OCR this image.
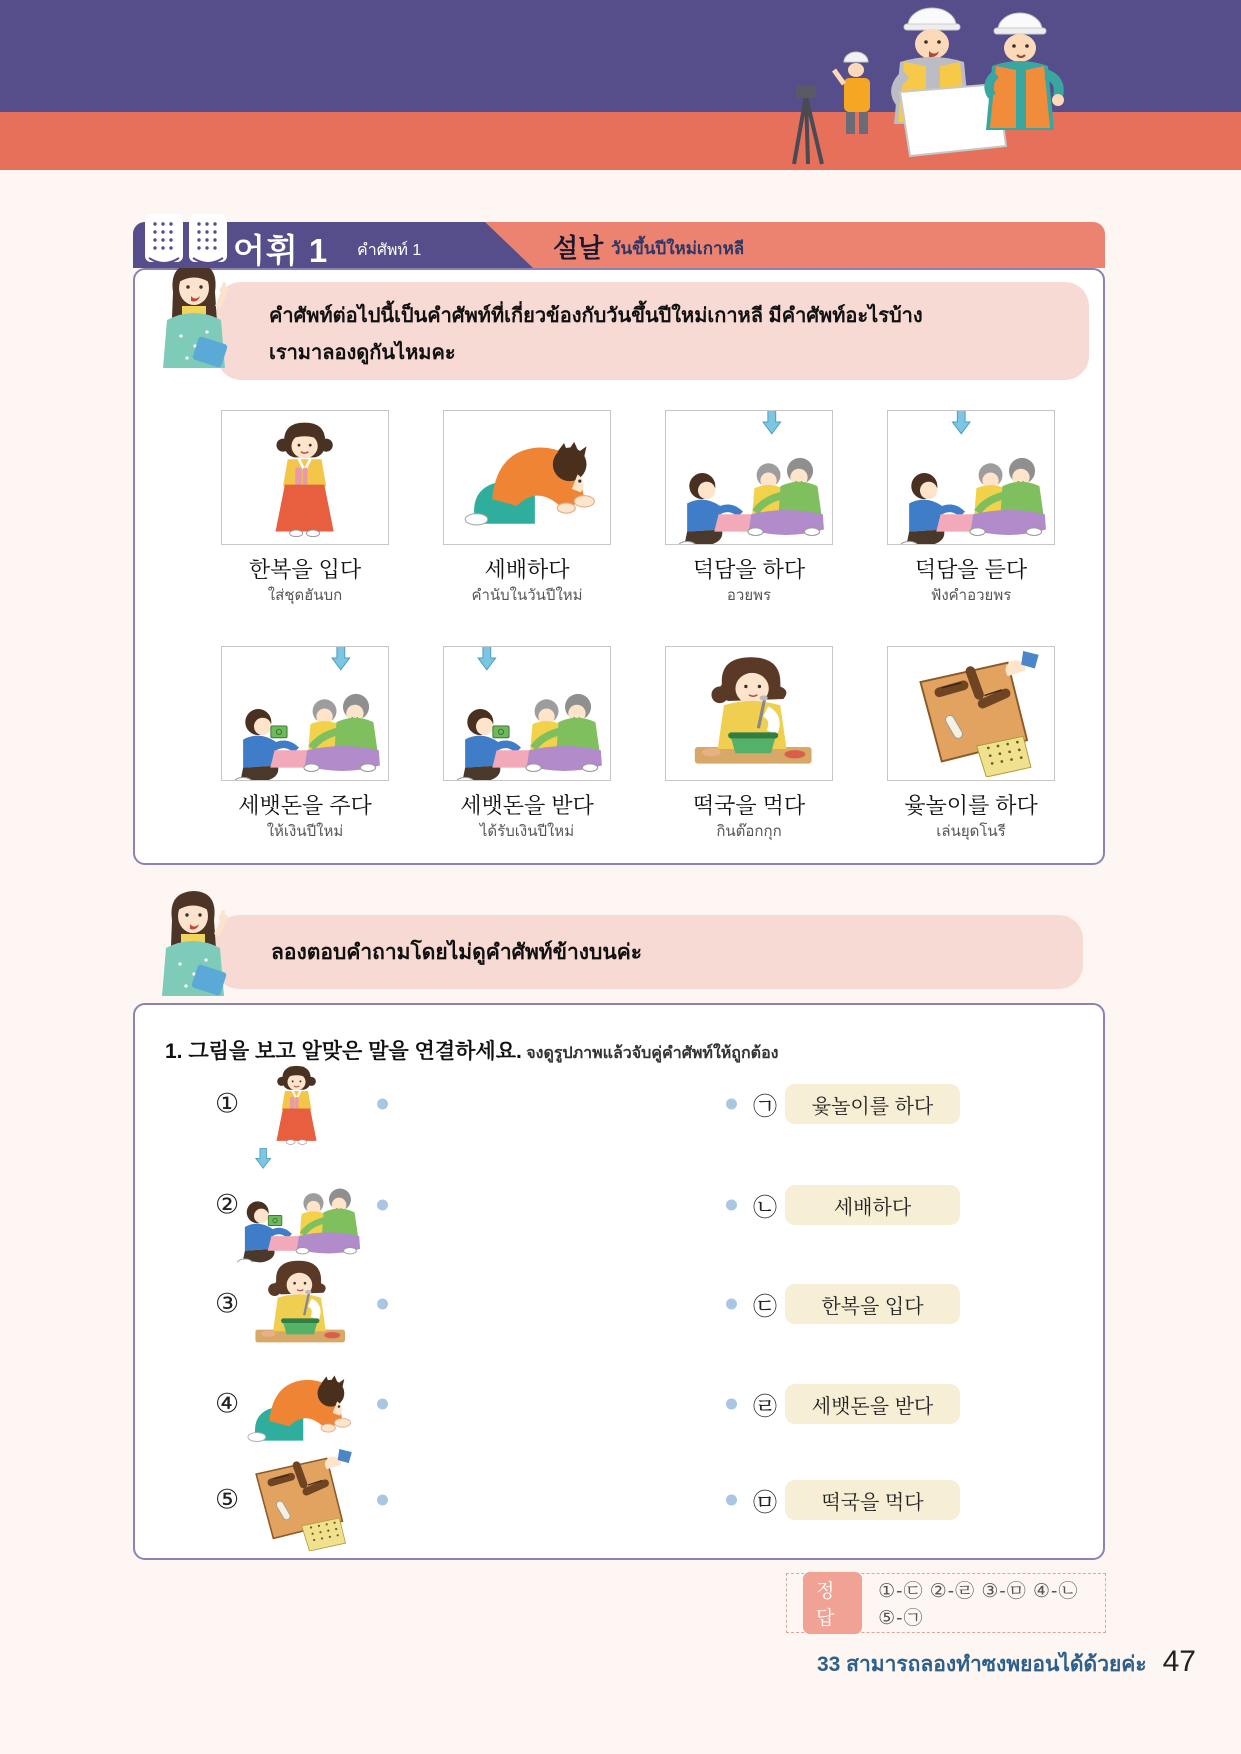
어휘 1 คำศัพท์ 1	설날 วันขึ้นปีใหม่เกาหลี
คำศัพท์ต่อไปนี้เป็นคำศัพท์ที่เกี่ยวข้องกับวันขึ้นปีใหม่เกาหลี มีคำศัพท์อะไรบ้าง
เรามาลองดูกันไหมคะ
한복을 입다
ใส่ชุดฮันบก
세배하다
คำนับในวันปีใหม่
덕담을 하다
อวยพร
덕담을 듣다
ฟังคำอวยพร
세뱃돈을 주다
ให้เงินปีใหม่
세뱃돈을 받다
ได้รับเงินปีใหม่
떡국을 먹다
กินต๊อกกุก
윷놀이를 하다
เล่นยุดโนรี
ลองตอบคำถามโดยไม่ดูคำศัพท์ข้างบนค่ะ
1. 그림을 보고 알맞은 말을 연결하세요. จงดูรูปภาพแล้วจับคู่คำศัพท์ให้ถูกต้อง
①	㉠	윷놀이를 하다
②	㉡	세배하다
③	㉢	한복을 입다
④	㉣	세뱃돈을 받다
⑤	㉤	떡국을 먹다
정답
①-㉢ ②-㉣ ③-㉤ ④-㉡ ⑤-㉠
33 สามารถลองทำซงพยอนได้ด้วยค่ะ 47
